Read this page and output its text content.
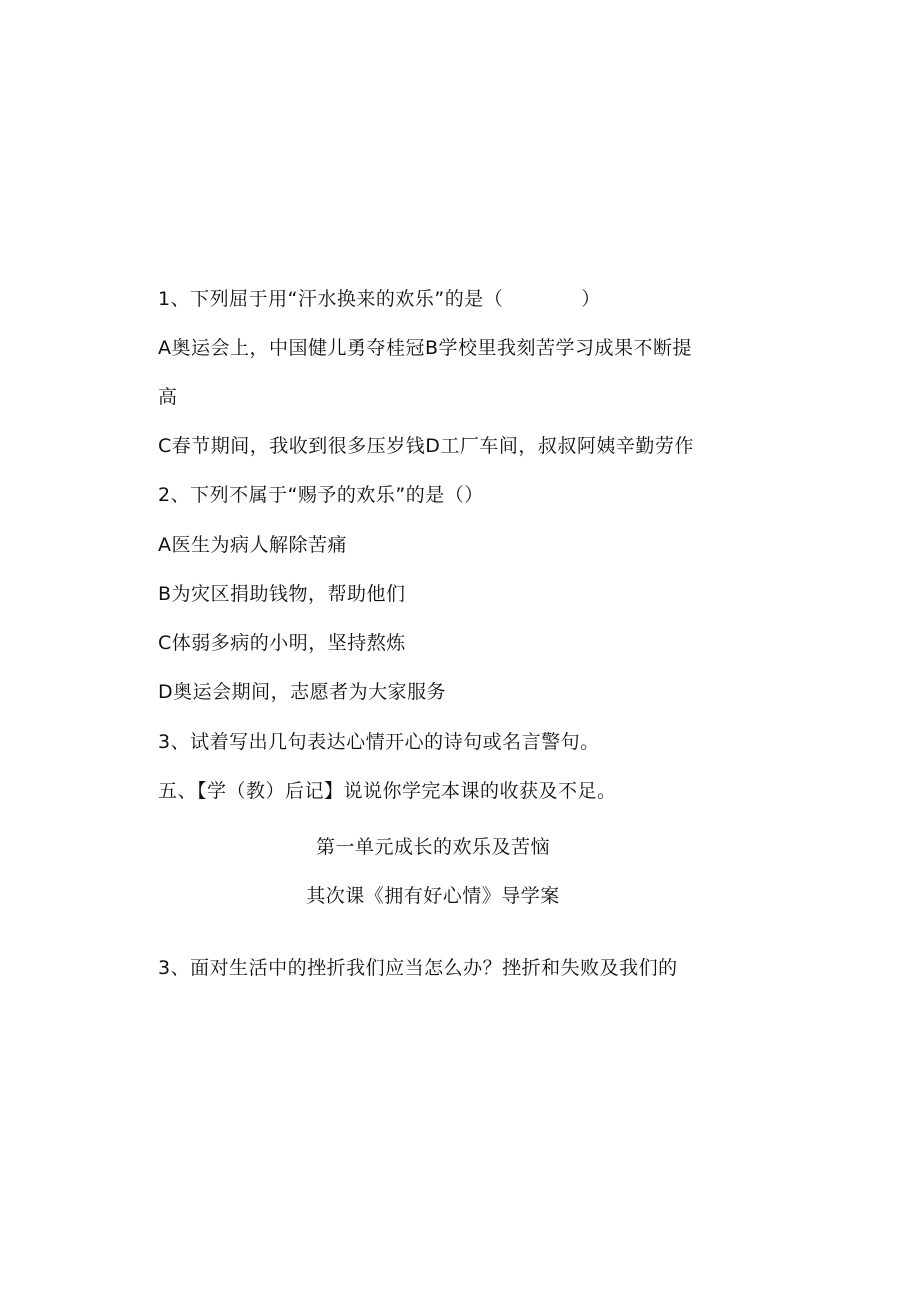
1、下列屈于用“汗水换来的欢乐”的是（　　　　）
A奥运会上，中国健儿勇夺桂冠B学校里我刻苦学习成果不断提
高
C春节期间，我收到很多压岁钱D工厂车间，叔叔阿姨辛勤劳作
2、下列不属于“赐予的欢乐”的是（）
A医生为病人解除苦痛
B为灾区捐助钱物，帮助他们
C体弱多病的小明，坚持熬炼
D奥运会期间，志愿者为大家服务
3、试着写出几句表达心情开心的诗句或名言警句。
五、【学（教）后记】说说你学完本课的收获及不足。
第一单元成长的欢乐及苦恼
其次课《拥有好心情》导学案
3、面对生活中的挫折我们应当怎么办？挫折和失败及我们的
